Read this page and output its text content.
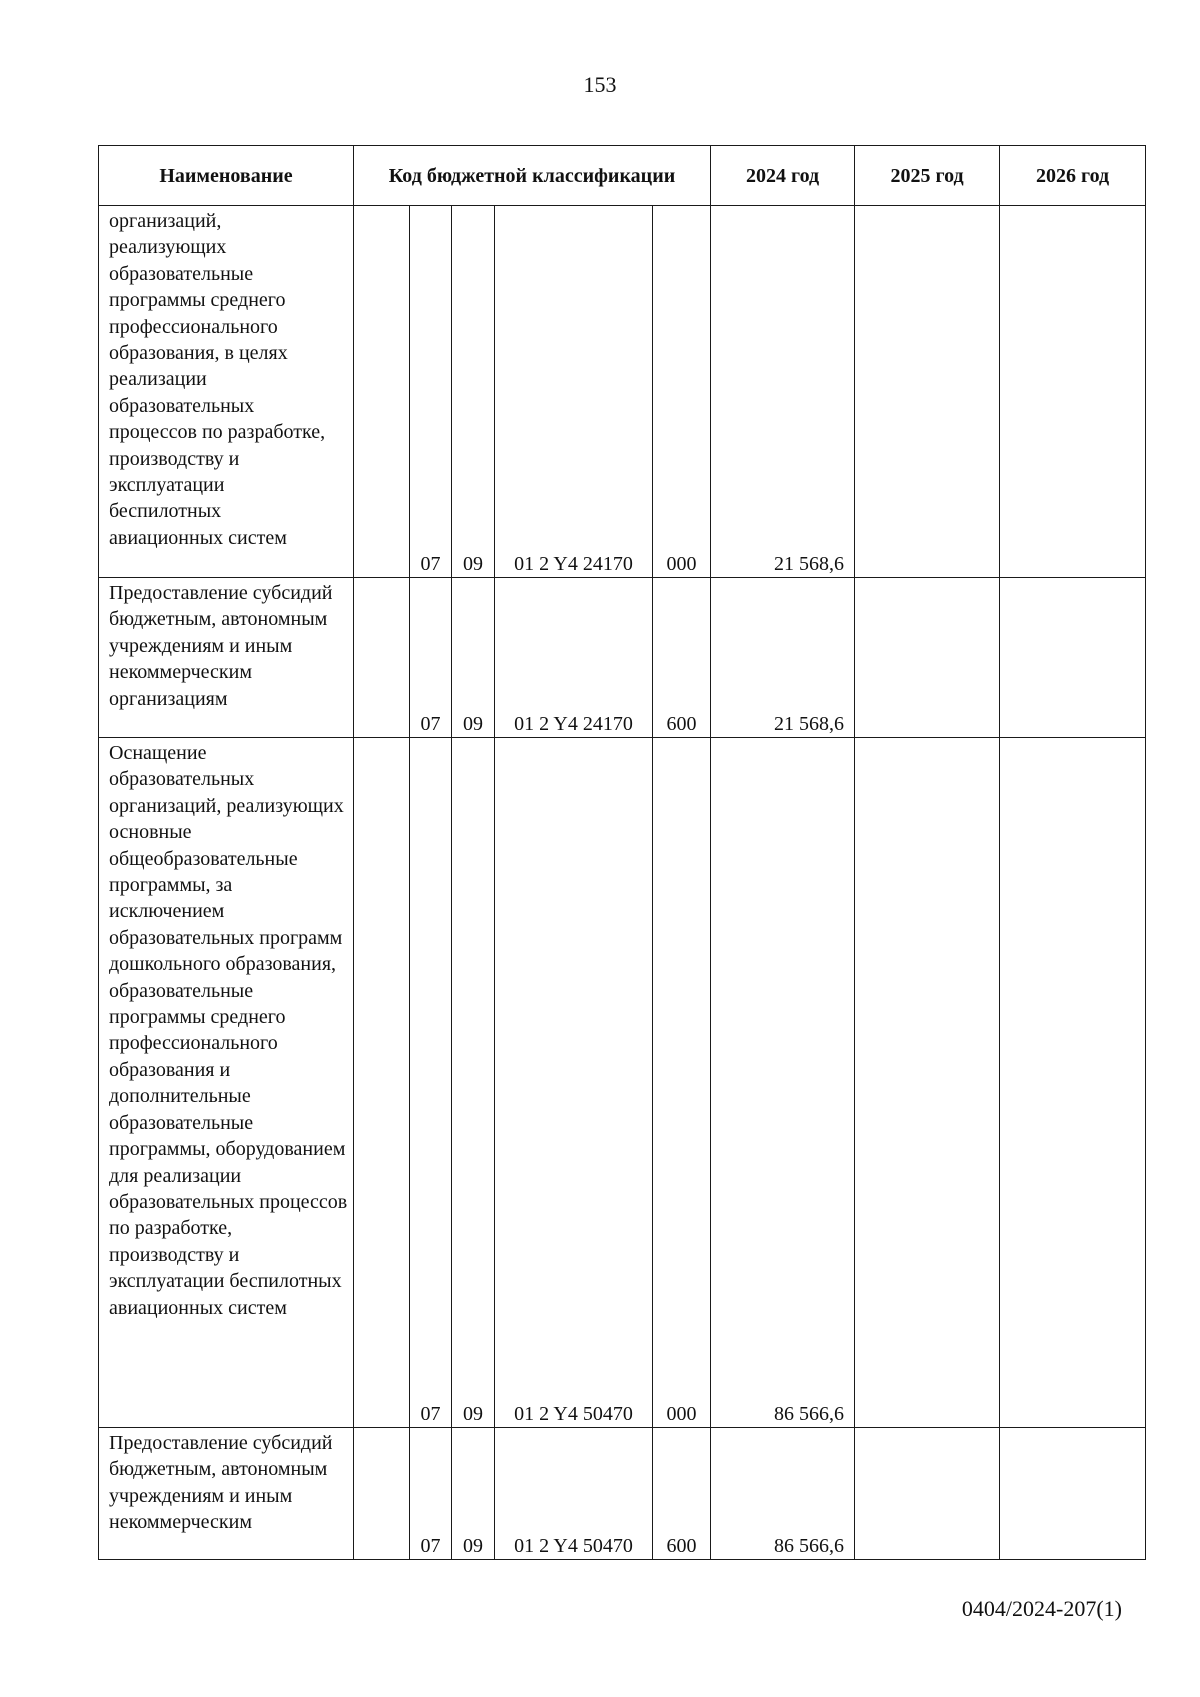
153
Наименование	Код бюджетной классификации					2024 год	2025 год	2026 год

организаций, реализующих образовательные программы среднего профессионального образования, в целях реализации образовательных процессов по разработке, производству и эксплуатации беспилотных авиационных систем		07	09	01 2 Y4 24170	000	21 568,6		

Предоставление субсидий бюджетным, автономным учреждениям и иным некоммерческим организациям		07	09	01 2 Y4 24170	600	21 568,6		

Оснащение образовательных организаций, реализующих основные общеобразовательные программы, за исключением образовательных программ дошкольного образования, образовательные программы среднего профессионального образования и дополнительные образовательные программы, оборудованием для реализации образовательных процессов по разработке, производству и эксплуатации беспилотных авиационных систем		07	09	01 2 Y4 50470	000	86 566,6		

Предоставление субсидий бюджетным, автономным учреждениям и иным некоммерческим		07	09	01 2 Y4 50470	600	86 566,6		
0404/2024-207(1)
